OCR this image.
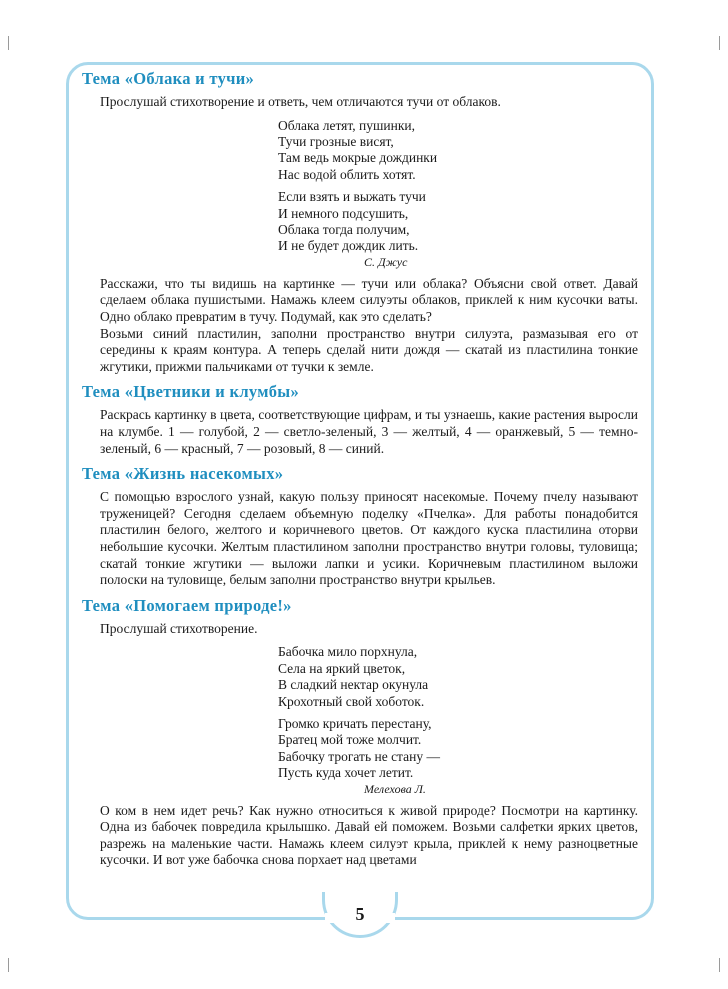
5
Тема «Облака и тучи»

Прослушай стихотворение и ответь, чем отличаются тучи от облаков.

Облака летят, пушинки,
Тучи грозные висят,
Там ведь мокрые дождинки
Нас водой облить хотят.
Если взять и выжать тучи
И немного подсушить,
Облака тогда получим,
И не будет дождик лить.
С. Джус

Расскажи, что ты видишь на картинке — тучи или облака? Объясни свой ответ. Давай сделаем облака пушистыми. Намажь клеем силуэты облаков, приклей к ним кусочки ваты. Одно облако превратим в тучу. Подумай, как это сделать?

Возьми синий пластилин, заполни пространство внутри силуэта, размазывая его от середины к краям контура. А теперь сделай нити дождя — скатай из пластилина тонкие жгутики, прижми пальчиками от тучки к земле.

Тема «Цветники и клумбы»

Раскрась картинку в цвета, соответствующие цифрам, и ты узнаешь, какие растения выросли на клумбе. 1 — голубой, 2 — светло-зеленый, 3 — желтый, 4 — оранжевый, 5 — темно-зеленый, 6 — красный, 7 — розовый, 8 — синий.

Тема «Жизнь насекомых»

С помощью взрослого узнай, какую пользу приносят насекомые. Почему пчелу называют труженицей? Сегодня сделаем объемную поделку «Пчелка». Для работы понадобится пластилин белого, желтого и коричневого цветов. От каждого куска пластилина оторви небольшие кусочки. Желтым пластилином заполни пространство внутри головы, туловища; скатай тонкие жгутики — выложи лапки и усики. Коричневым пластилином выложи полоски на туловище, белым заполни пространство внутри крыльев.

Тема «Помогаем природе!»

Прослушай стихотворение.

Бабочка мило порхнула,
Села на яркий цветок,
В сладкий нектар окунула
Крохотный свой хоботок.
Громко кричать перестану,
Братец мой тоже молчит.
Бабочку трогать не стану —
Пусть куда хочет летит.
Мелехова Л.

О ком в нем идет речь? Как нужно относиться к живой природе? Посмотри на картинку. Одна из бабочек повредила крылышко. Давай ей поможем. Возьми салфетки ярких цветов, разрежь на маленькие части. Намажь клеем силуэт крыла, приклей к нему разноцветные кусочки. И вот уже бабочка снова порхает над цветами
